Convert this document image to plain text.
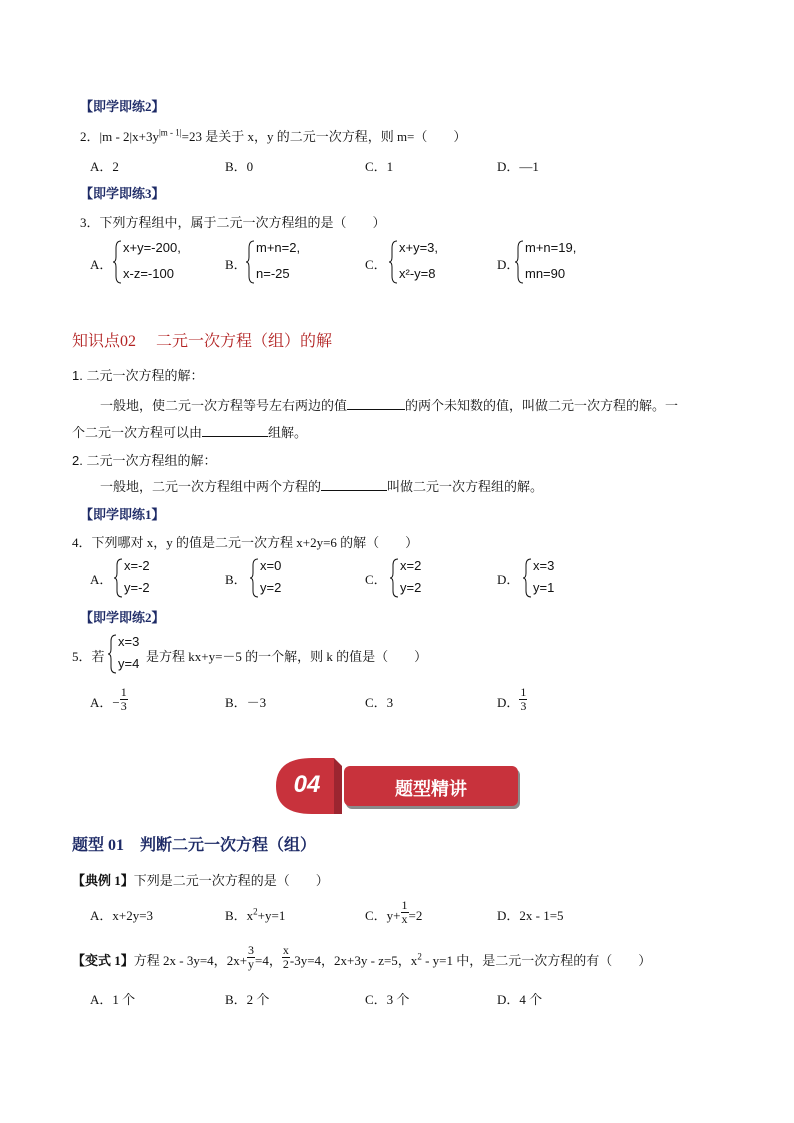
【即学即练2】
2．$|m - 2|x+3y^{|m - 1|}=23$ 是关于 x，y 的二元一次方程，则 m=（　　）
A．2	B．0	C．1	D．—1
【即学即练3】
3．下列方程组中，属于二元一次方程组的是（　　）
A．
x+y=-200,
x-z=-100
B．
m+n=2,
n=-25
C．
x+y=3,
x²-y=8
D．
m+n=19,
mn=90
知识点02　 二元一次方程（组）的解
1. 二元一次方程的解：
一般地，使二元一次方程等号左右两边的值	的两个未知数的值，叫做二元一次方程的解。一
个二元一次方程可以由	组解。
2. 二元一次方程组的解：
一般地，二元一次方程组中两个方程的	叫做二元一次方程组的解。
【即学即练1】
4．下列哪对 x，y 的值是二元一次方程 x+2y=6 的解（　　）
A．
x=-2
y=-2
B．
x=0
y=2
C．
x=2
y=2
D．
x=3
y=1
【即学即练2】
5．若
x=3
y=4 是方程 kx+y=－5 的一个解，则 k 的值是（　　）
A．− $\frac{1}{3}$	B．－3	C．3	D． $\frac{1}{3}$
04	题型精讲
题型 01　判断二元一次方程（组）
【典例 1】下列是二元一次方程的是（　　）
A．x+2y=3	B．$x^2+y=1$	C．$y+ \frac{1}{x} =2$	D．2x - 1=5
【变式 1】方程 2x - 3y=4，$2x+ \frac{3}{y} =4$， $\frac{x}{2} -3y=4$，2x+3y - z=5，$x^2 - y=1$ 中，是二元一次方程的有（　　）
A．1 个	B．2 个	C．3 个	D．4 个
